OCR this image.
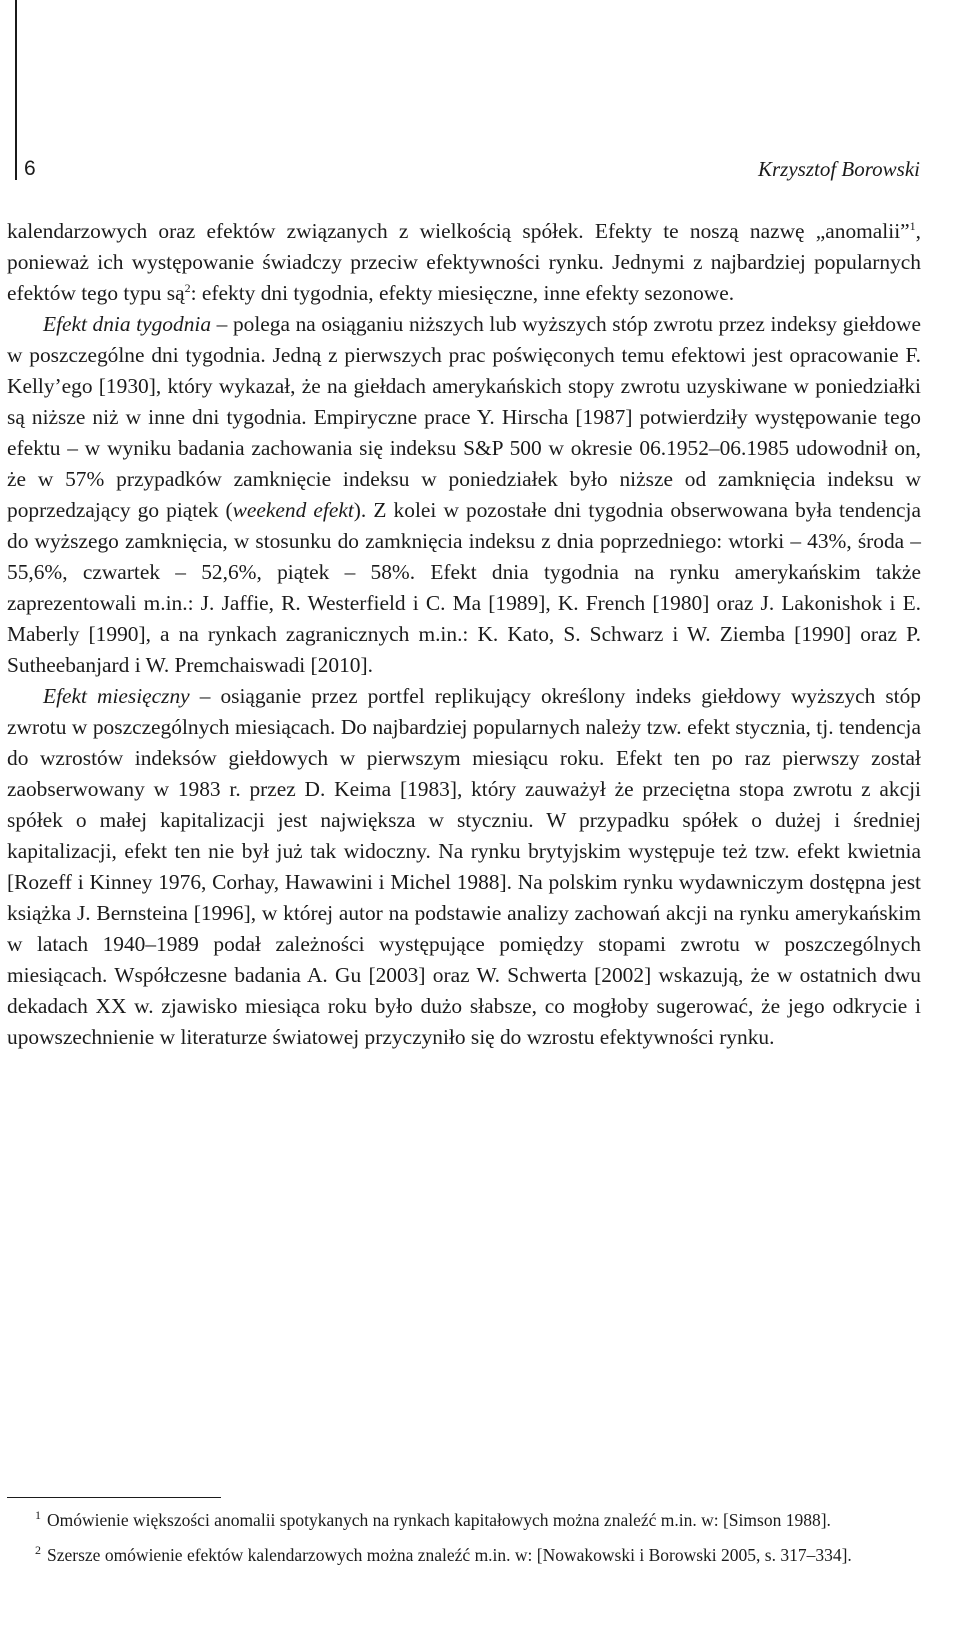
6	Krzysztof Borowski

kalendarzowych oraz efektów związanych z wielkością spółek. Efekty te noszą nazwę „anomalii”$^1$, ponieważ ich występowanie świadczy przeciw efektywności rynku. Jednymi z najbardziej popularnych efektów tego typu $są^2$: efekty dni tygodnia, efekty miesięczne, inne efekty sezonowe.

Efekt dnia tygodnia – polega na osiąganiu niższych lub wyższych stóp zwrotu przez indeksy giełdowe w poszczególne dni tygodnia. Jedną z pierwszych prac poświęconych temu efektowi jest opracowanie F. Kelly’ego [1930], który wykazał, że na giełdach amerykańskich stopy zwrotu uzyskiwane w poniedziałki są niższe niż w inne dni tygodnia. Empiryczne prace Y. Hirscha [1987] potwierdziły występowanie tego efektu – w wyniku badania zachowania się indeksu S&P 500 w okresie 06.1952–06.1985 udowodnił on, że w 57% przypadków zamknięcie indeksu w poniedziałek było niższe od zamknięcia indeksu w poprzedzający go piątek (weekend efekt). Z kolei w pozostałe dni tygodnia obserwowana była tendencja do wyższego zamknięcia, w stosunku do zamknięcia indeksu z dnia poprzedniego: wtorki – 43%, środa – 55,6%, czwartek – 52,6%, piątek – 58%. Efekt dnia tygodnia na rynku amerykańskim także zaprezentowali m.in.: J. Jaffie, R. Westerfield i C. Ma [1989], K. French [1980] oraz J. Lakonishok i E. Maberly [1990], a na rynkach zagranicznych m.in.: K. Kato, S. Schwarz i W. Ziemba [1990] oraz P. Sutheebanjard i W. Premchaiswadi [2010].

Efekt miesięczny – osiąganie przez portfel replikujący określony indeks giełdowy wyższych stóp zwrotu w poszczególnych miesiącach. Do najbardziej popularnych należy tzw. efekt stycznia, tj. tendencja do wzrostów indeksów giełdowych w pierwszym miesiącu roku. Efekt ten po raz pierwszy został zaobserwowany w 1983 r. przez D. Keima [1983], który zauważył że przeciętna stopa zwrotu z akcji spółek o małej kapitalizacji jest największa w styczniu. W przypadku spółek o dużej i średniej kapitalizacji, efekt ten nie był już tak widoczny. Na rynku brytyjskim występuje też tzw. efekt kwietnia [Rozeff i Kinney 1976, Corhay, Hawawini i Michel 1988]. Na polskim rynku wydawniczym dostępna jest książka J. Bernsteina [1996], w której autor na podstawie analizy zachowań akcji na rynku amerykańskim w latach 1940–1989 podał zależności występujące pomiędzy stopami zwrotu w poszczególnych miesiącach. Współczesne badania A. Gu [2003] oraz W. Schwerta [2002] wskazują, że w ostatnich dwu dekadach XX w. zjawisko miesiąca roku było dużo słabsze, co mogłoby sugerować, że jego odkrycie i upowszechnienie w literaturze światowej przyczyniło się do wzrostu efektywności rynku.

$^1$ Omówienie większości anomalii spotykanych na rynkach kapitałowych można znaleźć m.in. w: [Simson 1988].

$^2$ Szersze omówienie efektów kalendarzowych można znaleźć m.in. w: [Nowakowski i Borowski 2005, s. 317–334].
